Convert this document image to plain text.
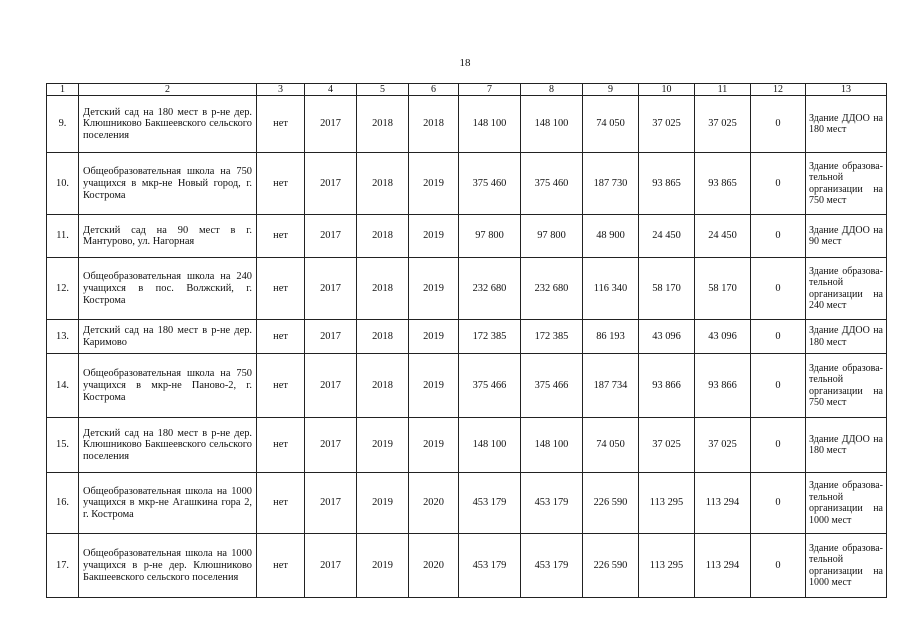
18
1	2	3	4	5	6	7	8	9	10	11	12	13
9.	Детский сад на 180 мест в р-не дер. Клюшниково Бакшеевского сельского поселения	нет	2017	2018	2018	148 100	148 100	74 050	37 025	37 025	0	Здание ДДОО на 180 мест
10.	Общеобразовательная школа на 750 учащихся в мкр-не Новый город, г. Кострома	нет	2017	2018	2019	375 460	375 460	187 730	93 865	93 865	0	Здание образова- тельной организации на 750 мест
11.	Детский сад на 90 мест в г. Мантурово, ул. Нагорная	нет	2017	2018	2019	97 800	97 800	48 900	24 450	24 450	0	Здание ДДОО на 90 мест
12.	Общеобразовательная школа на 240 учащихся в пос. Волжский, г. Кострома	нет	2017	2018	2019	232 680	232 680	116 340	58 170	58 170	0	Здание образова- тельной организации на 240 мест
13.	Детский сад на 180 мест в р-не дер. Каримово	нет	2017	2018	2019	172 385	172 385	86 193	43 096	43 096	0	Здание ДДОО на 180 мест
14.	Общеобразовательная школа на 750 учащихся в мкр-не Паново-2, г. Кострома	нет	2017	2018	2019	375 466	375 466	187 734	93 866	93 866	0	Здание образова- тельной организации на 750 мест
15.	Детский сад на 180 мест в р-не дер. Клюшниково Бакшеевского сельского поселения	нет	2017	2019	2019	148 100	148 100	74 050	37 025	37 025	0	Здание ДДОО на 180 мест
16.	Общеобразовательная школа на 1000 учащихся в мкр-не Агашкина гора 2, г. Кострома	нет	2017	2019	2020	453 179	453 179	226 590	113 295	113 294	0	Здание образова- тельной организации на 1000 мест
17.	Общеобразовательная школа на 1000 учащихся в р-не дер. Клюшниково Бакшеевского сельского поселения	нет	2017	2019	2020	453 179	453 179	226 590	113 295	113 294	0	Здание образова- тельной организации на 1000 мест
